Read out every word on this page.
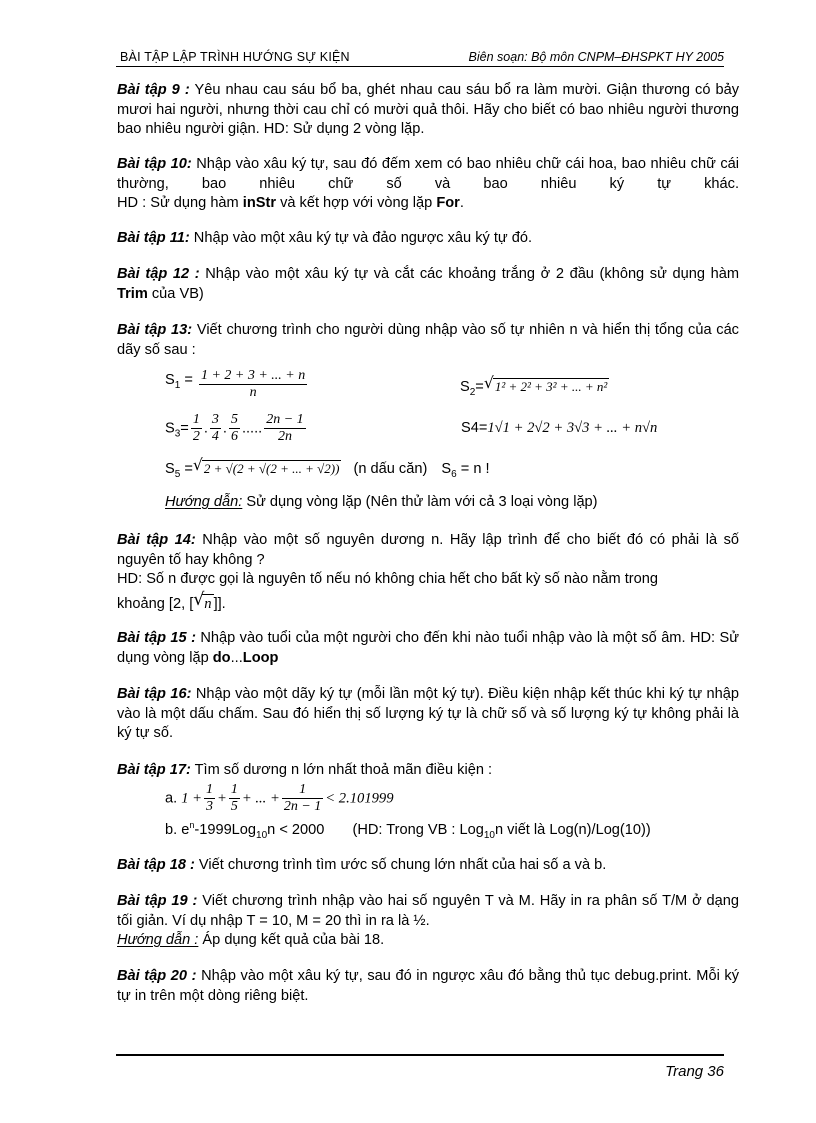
BÀI TẬP LẬP TRÌNH HƯỚNG SỰ KIỆN	Biên soạn: Bộ môn CNPM–ĐHSPKT HY 2005
Bài tập 9 : Yêu nhau cau sáu bổ ba, ghét nhau cau sáu bổ ra làm mười. Giận thương có bảy mươi hai người, nhưng thời cau chỉ có mười quả thôi. Hãy cho biết có bao nhiêu người thương bao nhiêu người giận. HD: Sử dụng 2 vòng lặp.
Bài tập 10: Nhập vào xâu ký tự, sau đó đếm xem có bao nhiêu chữ cái hoa, bao nhiêu chữ cái thường, bao nhiêu chữ số và bao nhiêu ký tự khác.
HD : Sử dụng hàm inStr và kết hợp với vòng lặp For.
Bài tập 11: Nhập vào một xâu ký tự và đảo ngược xâu ký tự đó.
Bài tập 12 : Nhập vào một xâu ký tự và cắt các khoảng trắng ở 2 đầu (không sử dụng hàm Trim của VB)
Bài tập 13: Viết chương trình cho người dùng nhập vào số tự nhiên n và hiển thị tổng của các dãy số sau :
$S_1 = \frac{1 + 2 + 3 + ... + n}{n}$	$S_2=$ √ 1² + 2² + 3² + ... + n²
$S_3= \frac{1}{2}$ . $\frac{3}{4}$ . $\frac{5}{6}$ ..... $\frac{2n - 1}{2n}$	S4=1√1 + 2√2 + 3√3 + ... + n√n
$S_5$ = √ 2 + √(2 + √(2 + ... + √2)) (n dấu căn) $S_6 = n$ !
Hướng dẫn: Sử dụng vòng lặp (Nên thử làm với cả 3 loại vòng lặp)
Bài tập 14: Nhập vào một số nguyên dương n. Hãy lập trình để cho biết đó có phải là số nguyên tố hay không ?
HD: Số n được gọi là nguyên tố nếu nó không chia hết cho bất kỳ số nào nằm trong
khoảng [2, [ √ n ]].
Bài tập 15 : Nhập vào tuổi của một người cho đến khi nào tuổi nhập vào là một số âm. HD: Sử dụng vòng lặp do...Loop
Bài tập 16: Nhập vào một dãy ký tự (mỗi lần một ký tự). Điều kiện nhập kết thúc khi ký tự nhập vào là một dấu chấm. Sau đó hiển thị số lượng ký tự là chữ số và số lượng ký tự không phải là ký tự số.
Bài tập 17: Tìm số dương n lớn nhất thoả mãn điều kiện :
a. $1 + \frac{1}{3} + \frac{1}{5}$ + ... + $\frac{1}{2n - 1} < 2.101999$
b. $e^n-1999Log_{10}n < 2000$ (HD: Trong VB : Log$_{10}$n viết là Log(n)/Log(10))
Bài tập 18 : Viết chương trình tìm ước số chung lớn nhất của hai số a và b.
Bài tập 19 : Viết chương trình nhập vào hai số nguyên T và M. Hãy in ra phân số T/M ở dạng tối giản. Ví dụ nhập T = 10, M = 20 thì in ra là ½.
Hướng dẫn : Áp dụng kết quả của bài 18.
Bài tập 20 : Nhập vào một xâu ký tự, sau đó in ngược xâu đó bằng thủ tục debug.print. Mỗi ký tự in trên một dòng riêng biệt.
Trang 36
